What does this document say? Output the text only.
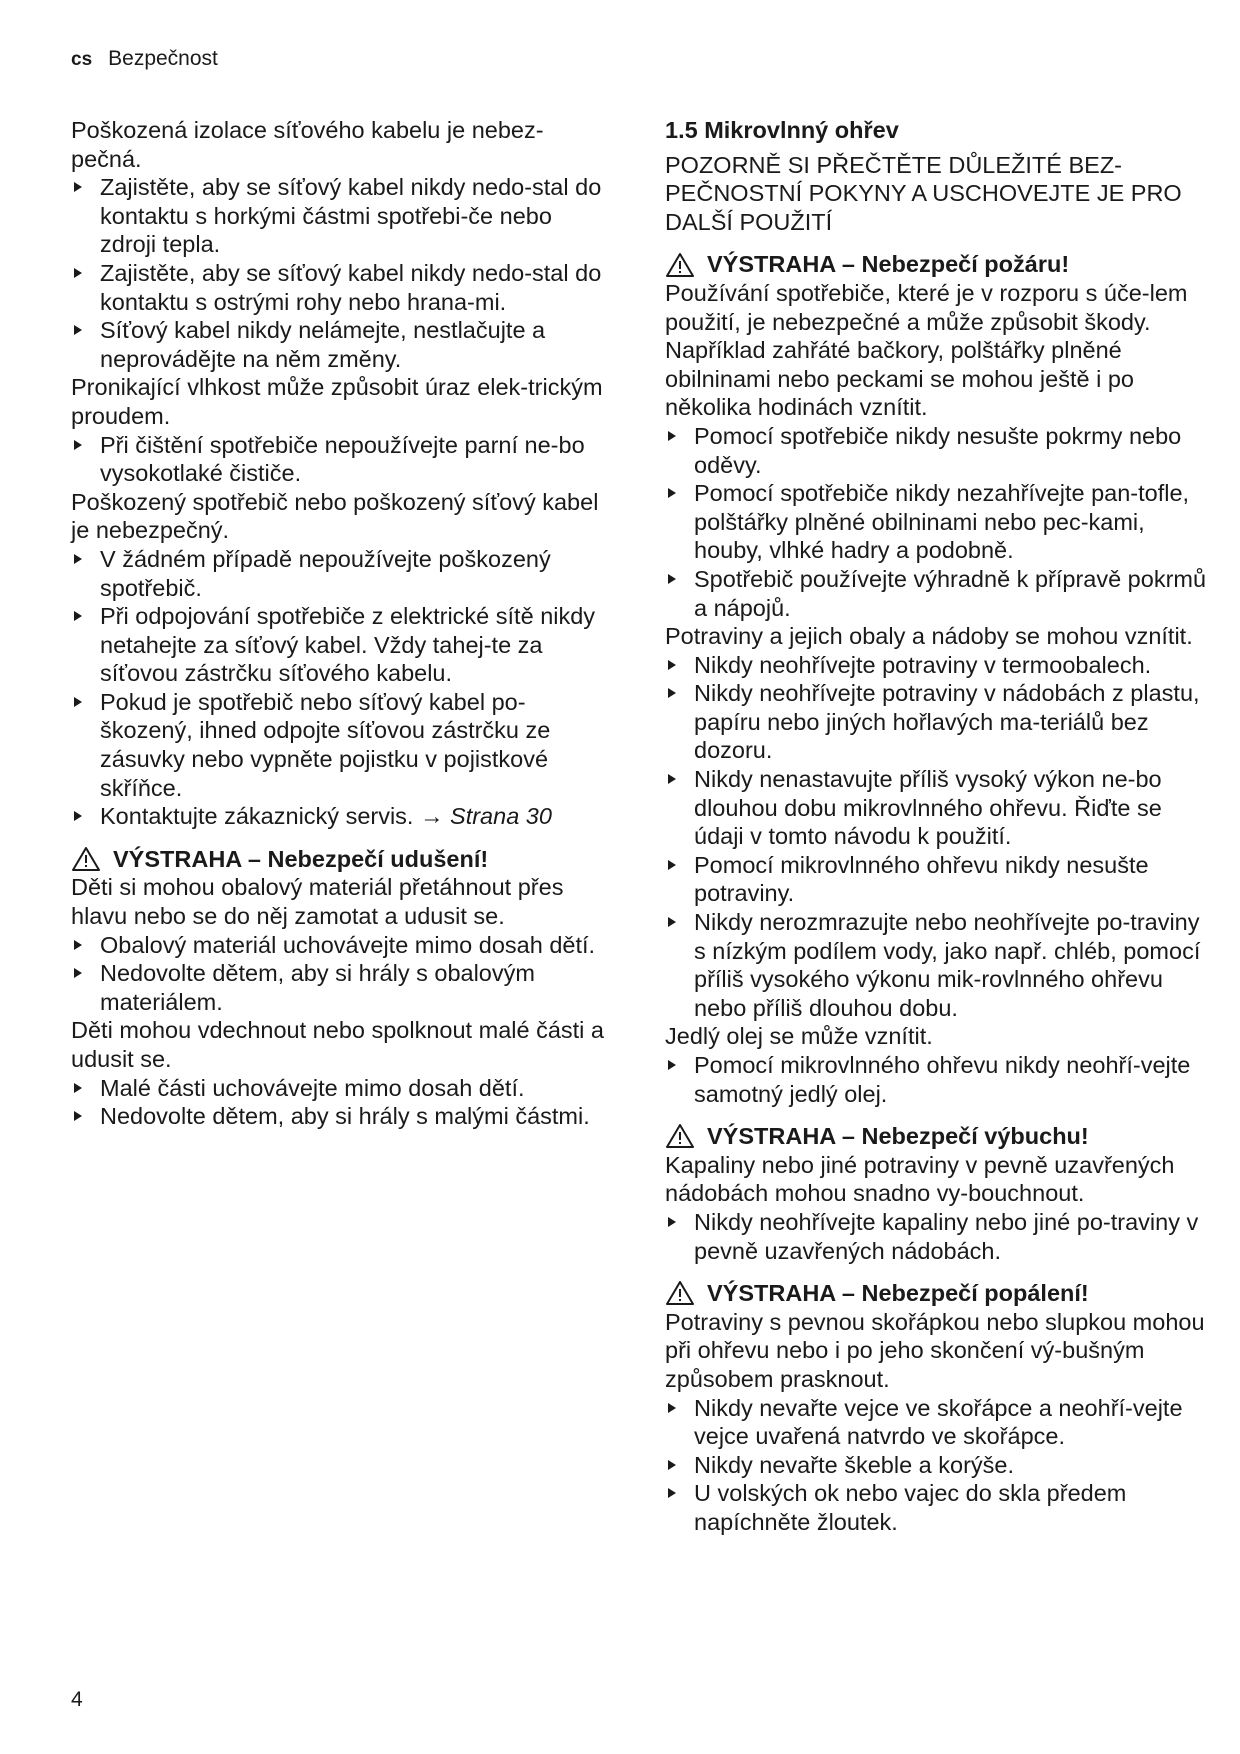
cs Bezpečnost

Poškozená izolace síťového kabelu je nebez-pečná.

Zajistěte, aby se síťový kabel nikdy nedo-stal do kontaktu s horkými částmi spotřebi-če nebo zdroji tepla.
Zajistěte, aby se síťový kabel nikdy nedo-stal do kontaktu s ostrými rohy nebo hrana-mi.
Síťový kabel nikdy nelámejte, nestlačujte a neprovádějte na něm změny.

Pronikající vlhkost může způsobit úraz elek-trickým proudem.

Při čištění spotřebiče nepoužívejte parní ne-bo vysokotlaké čističe.

Poškozený spotřebič nebo poškozený síťový kabel je nebezpečný.

V žádném případě nepoužívejte poškozený spotřebič.
Při odpojování spotřebiče z elektrické sítě nikdy netahejte za síťový kabel. Vždy tahej-te za síťovou zástrčku síťového kabelu.
Pokud je spotřebič nebo síťový kabel po-škozený, ihned odpojte síťovou zástrčku ze zásuvky nebo vypněte pojistku v pojistkové skříňce.
Kontaktujte zákaznický servis. → Strana 30
VÝSTRAHA – Nebezpečí udušení!

Děti si mohou obalový materiál přetáhnout přes hlavu nebo se do něj zamotat a udusit se.

Obalový materiál uchovávejte mimo dosah dětí.
Nedovolte dětem, aby si hrály s obalovým materiálem.

Děti mohou vdechnout nebo spolknout malé části a udusit se.

Malé části uchovávejte mimo dosah dětí.
Nedovolte dětem, aby si hrály s malými částmi.

1.5 Mikrovlnný ohřev

POZORNĚ SI PŘEČTĚTE DŮLEŽITÉ BEZ-PEČNOSTNÍ POKYNY A USCHOVEJTE JE PRO DALŠÍ POUŽITÍ

VÝSTRAHA – Nebezpečí požáru!

Používání spotřebiče, které je v rozporu s úče-lem použití, je nebezpečné a může způsobit škody. Například zahřáté bačkory, polštářky plněné obilninami nebo peckami se mohou ještě i po několika hodinách vznítit.

Pomocí spotřebiče nikdy nesušte pokrmy nebo oděvy.
Pomocí spotřebiče nikdy nezahřívejte pan-tofle, polštářky plněné obilninami nebo pec-kami, houby, vlhké hadry a podobně.
Spotřebič používejte výhradně k přípravě pokrmů a nápojů.

Potraviny a jejich obaly a nádoby se mohou vznítit.

Nikdy neohřívejte potraviny v termoobalech.
Nikdy neohřívejte potraviny v nádobách z plastu, papíru nebo jiných hořlavých ma-teriálů bez dozoru.
Nikdy nenastavujte příliš vysoký výkon ne-bo dlouhou dobu mikrovlnného ohřevu. Řiďte se údaji v tomto návodu k použití.
Pomocí mikrovlnného ohřevu nikdy nesušte potraviny.
Nikdy nerozmrazujte nebo neohřívejte po-traviny s nízkým podílem vody, jako např. chléb, pomocí příliš vysokého výkonu mik-rovlnného ohřevu nebo příliš dlouhou dobu.

Jedlý olej se může vznítit.

Pomocí mikrovlnného ohřevu nikdy neohří-vejte samotný jedlý olej.
VÝSTRAHA – Nebezpečí výbuchu!

Kapaliny nebo jiné potraviny v pevně uzavřených nádobách mohou snadno vy-bouchnout.

Nikdy neohřívejte kapaliny nebo jiné po-traviny v pevně uzavřených nádobách.
VÝSTRAHA – Nebezpečí popálení!

Potraviny s pevnou skořápkou nebo slupkou mohou při ohřevu nebo i po jeho skončení vý-bušným způsobem prasknout.

Nikdy nevařte vejce ve skořápce a neohří-vejte vejce uvařená natvrdo ve skořápce.
Nikdy nevařte škeble a korýše.
U volských ok nebo vajec do skla předem napíchněte žloutek.
4
